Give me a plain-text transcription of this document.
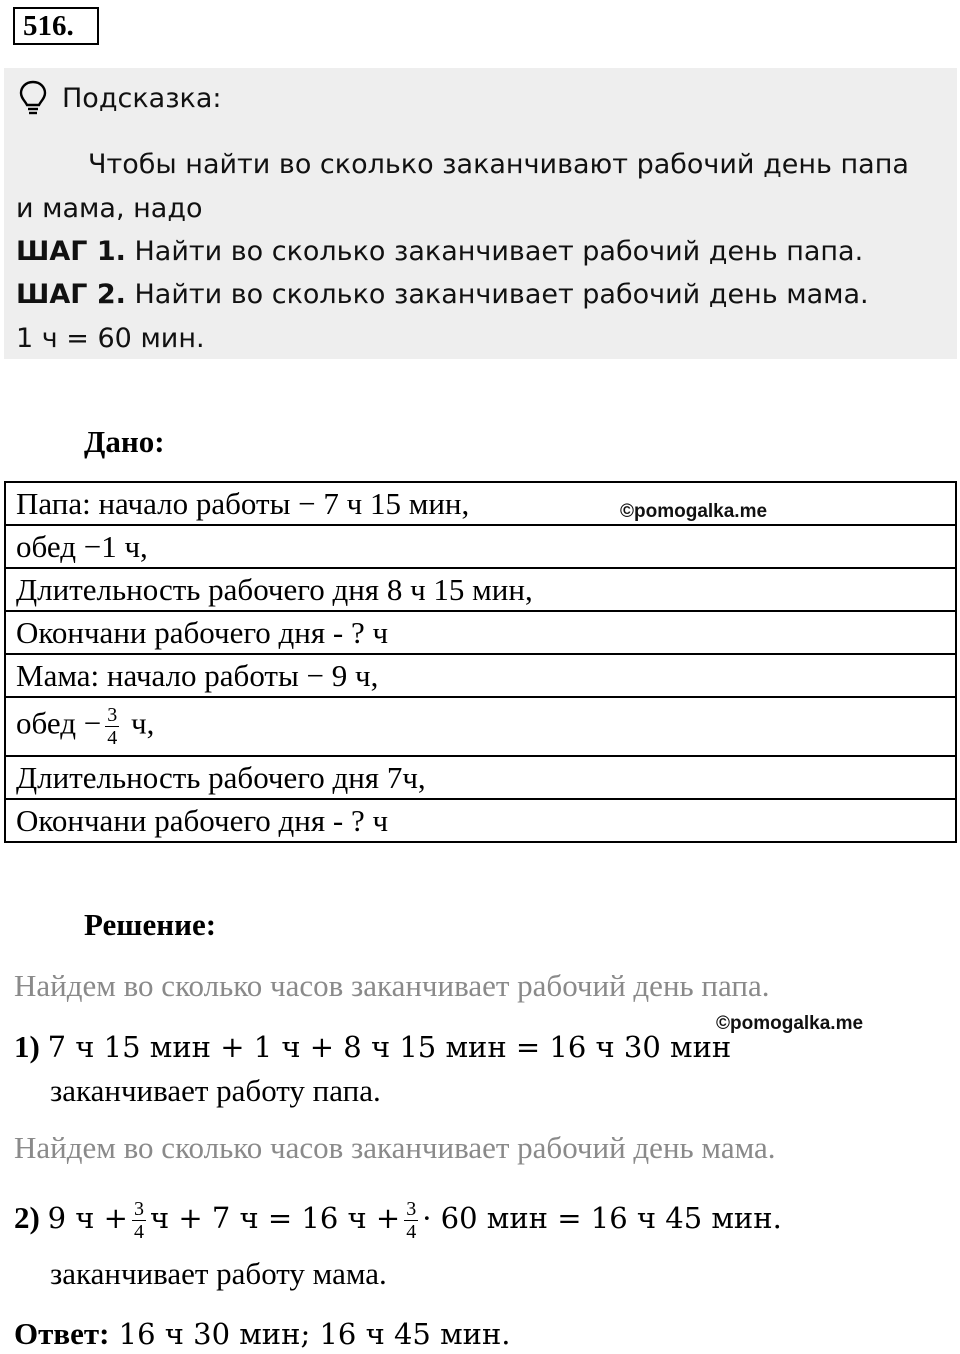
516.
Подсказка:
Чтобы найти во сколько заканчивают рабочий день папа
и мама, надо
ШАГ 1. Найти во сколько заканчивает рабочий день папа.
ШАГ 2. Найти во сколько заканчивает рабочий день мама.
1 ч = 60 мин.
Дано:
Папа: начало работы − 7 ч 15 мин,
обед −1 ч,
Длительность рабочего дня 8 ч 15 мин,
Окончани рабочего дня - ? ч
Мама: начало работы − 9 ч,
обед − $\frac{3}{4} ч$,
Длительность рабочего дня 7ч,
Окончани рабочего дня - ? ч
©pomogalka.me
Решение:
Найдем во сколько часов заканчивает рабочий день папа.
©pomogalka.me
1) 7 ч 15 мин + 1 ч + 8 ч 15 мин = 16 ч 30 мин
заканчивает работу папа.
Найдем во сколько часов заканчивает рабочий день мама.
2) 9 $ч + \frac{3}{4}$ ч + 7 ч = 16 $ч + \frac{3}{4} \cdot 60$ мин = 16 ч 45 мин.
заканчивает работу мама.
Ответ: 16 ч 30 мин; 16 ч 45 мин.
